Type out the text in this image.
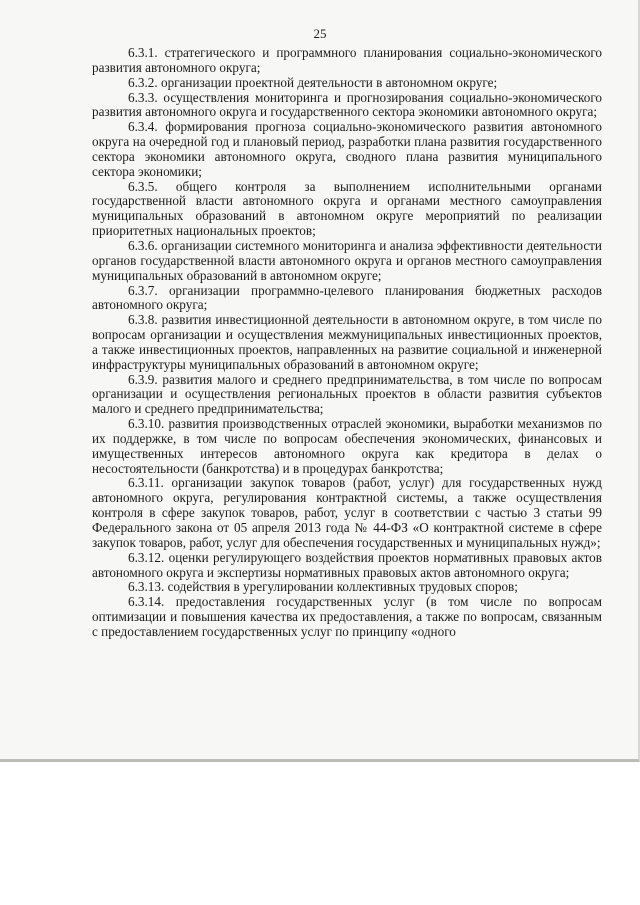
25

6.3.1. стратегического и программного планирования социально-экономического развития автономного округа;

6.3.2. организации проектной деятельности в автономном округе;

6.3.3. осуществления мониторинга и прогнозирования социально-экономического развития автономного округа и государственного сектора экономики автономного округа;

6.3.4. формирования прогноза социально-экономического развития автономного округа на очередной год и плановый период, разработки плана развития государственного сектора экономики автономного округа, сводного плана развития муниципального сектора экономики;

6.3.5. общего контроля за выполнением исполнительными органами государственной власти автономного округа и органами местного самоуправления муниципальных образований в автономном округе мероприятий по реализации приоритетных национальных проектов;

6.3.6. организации системного мониторинга и анализа эффективности деятельности органов государственной власти автономного округа и органов местного самоуправления муниципальных образований в автономном округе;

6.3.7. организации программно-целевого планирования бюджетных расходов автономного округа;

6.3.8. развития инвестиционной деятельности в автономном округе, в том числе по вопросам организации и осуществления межмуниципальных инвестиционных проектов, а также инвестиционных проектов, направленных на развитие социальной и инженерной инфраструктуры муниципальных образований в автономном округе;

6.3.9. развития малого и среднего предпринимательства, в том числе по вопросам организации и осуществления региональных проектов в области развития субъектов малого и среднего предпринимательства;

6.3.10. развития производственных отраслей экономики, выработки механизмов по их поддержке, в том числе по вопросам обеспечения экономических, финансовых и имущественных интересов автономного округа как кредитора в делах о несостоятельности (банкротства) и в процедурах банкротства;

6.3.11. организации закупок товаров (работ, услуг) для государственных нужд автономного округа, регулирования контрактной системы, а также осуществления контроля в сфере закупок товаров, работ, услуг в соответствии с частью 3 статьи 99 Федерального закона от 05 апреля 2013 года № 44-ФЗ «О контрактной системе в сфере закупок товаров, работ, услуг для обеспечения государственных и муниципальных нужд»;

6.3.12. оценки регулирующего воздействия проектов нормативных правовых актов автономного округа и экспертизы нормативных правовых актов автономного округа;

6.3.13. содействия в урегулировании коллективных трудовых споров;

6.3.14. предоставления государственных услуг (в том числе по вопросам оптимизации и повышения качества их предоставления, а также по вопросам, связанным с предоставлением государственных услуг по принципу «одного
